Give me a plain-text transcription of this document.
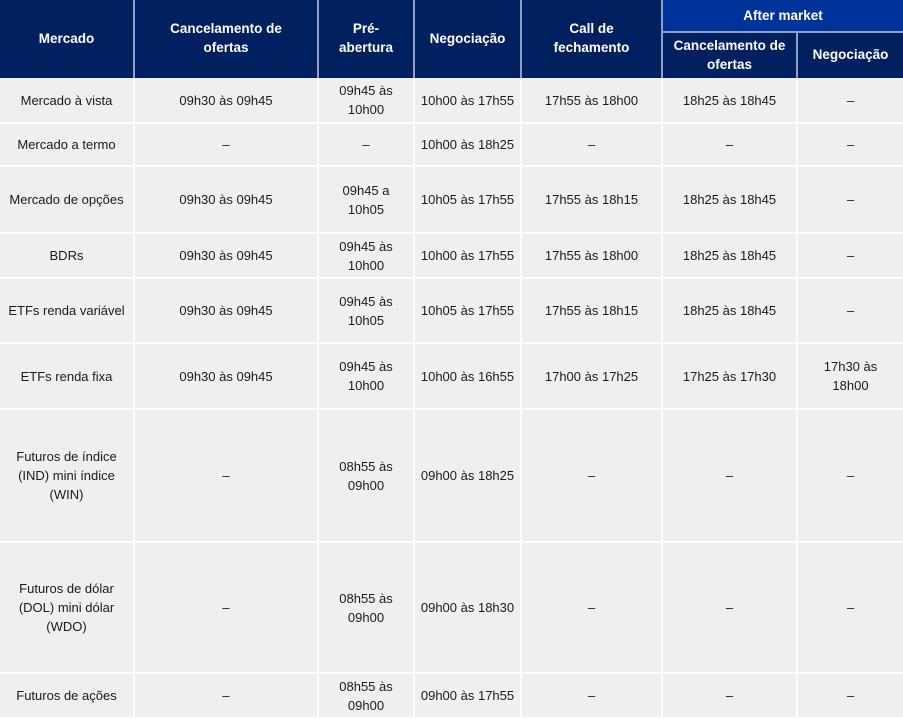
Mercado	Cancelamento de ofertas	Pré-abertura	Negociação	Call de fechamento	After market	
					Cancelamento de ofertas	Negociação
Mercado à vista	09h30 às 09h45	09h45 às 10h00	10h00 às 17h55	17h55 às 18h00	18h25 às 18h45	–
Mercado a termo	–	–	10h00 às 18h25	–	–	–
Mercado de opções	09h30 às 09h45	09h45 a 10h05	10h05 às 17h55	17h55 às 18h15	18h25 às 18h45	–
BDRs	09h30 às 09h45	09h45 às 10h00	10h00 às 17h55	17h55 às 18h00	18h25 às 18h45	–
ETFs renda variável	09h30 às 09h45	09h45 às 10h05	10h05 às 17h55	17h55 às 18h15	18h25 às 18h45	–
ETFs renda fixa	09h30 às 09h45	09h45 às 10h00	10h00 às 16h55	17h00 às 17h25	17h25 às 17h30	17h30 às 18h00
Futuros de índice (IND) mini índice (WIN)	–	08h55 às 09h00	09h00 às 18h25	–	–	–
Futuros de dólar (DOL) mini dólar (WDO)	–	08h55 às 09h00	09h00 às 18h30	–	–	–
Futuros de ações	–	08h55 às 09h00	09h00 às 17h55	–	–	–
